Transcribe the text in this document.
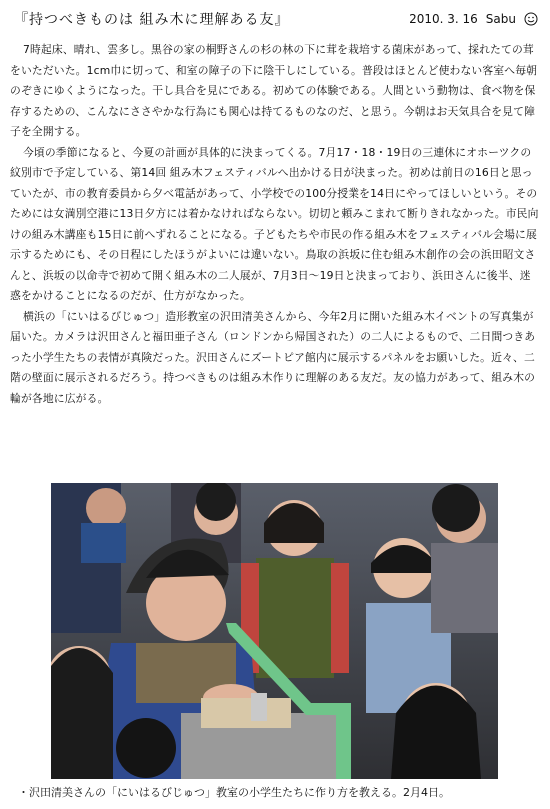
『持つべきものは 組み木に理解ある友』	2010. 3. 16 Sabu

7時起床、晴れ、雲多し。黒谷の家の桐野さんの杉の林の下に茸を栽培する菌床があって、採れたての茸をいただいた。1cm巾に切って、和室の障子の下に陰干しにしている。普段はほとんど使わない客室へ毎朝のぞきにゆくようになった。干し具合を見にである。初めての体験である。人間という動物は、食べ物を保存するための、こんなにささやかな行為にも関心は持てるものなのだ、と思う。今朝はお天気具合を見て障子を全開する。

今頃の季節になると、今夏の計画が具体的に決まってくる。7月17・18・19日の三連休にオホーツクの紋別市で予定している、第14回 組み木フェスティバルへ出かける日が決まった。初めは前日の16日と思っていたが、市の教育委員から夕べ電話があって、小学校での100分授業を14日にやってほしいという。そのためには女満別空港に13日夕方には着かなければならない。切切と頼みこまれて断りきれなかった。市民向けの組み木講座も15日に前へずれることになる。子どもたちや市民の作る組み木をフェスティバル会場に展示するためにも、その日程にしたほうがよいには違いない。鳥取の浜坂に住む組み木創作の会の浜田昭文さんと、浜坂の以命寺で初めて開く組み木の二人展が、7月3日〜19日と決まっており、浜田さんに後半、迷惑をかけることになるのだが、仕方がなかった。

横浜の「にいはるびじゅつ」造形教室の沢田清美さんから、今年2月に開いた組み木イベントの写真集が届いた。カメラは沢田さんと福田亜子さん（ロンドンから帰国された）の二人によるもので、二日間つきあった小学生たちの表情が真険だった。沢田さんにズートピア館内に展示するパネルをお願いした。近々、二階の壁面に展示されるだろう。持つべきものは組み木作りに理解のある友だ。友の協力があって、組み木の輪が各地に広がる。

・沢田清美さんの「にいはるびじゅつ」教室の小学生たちに作り方を教える。2月4日。
